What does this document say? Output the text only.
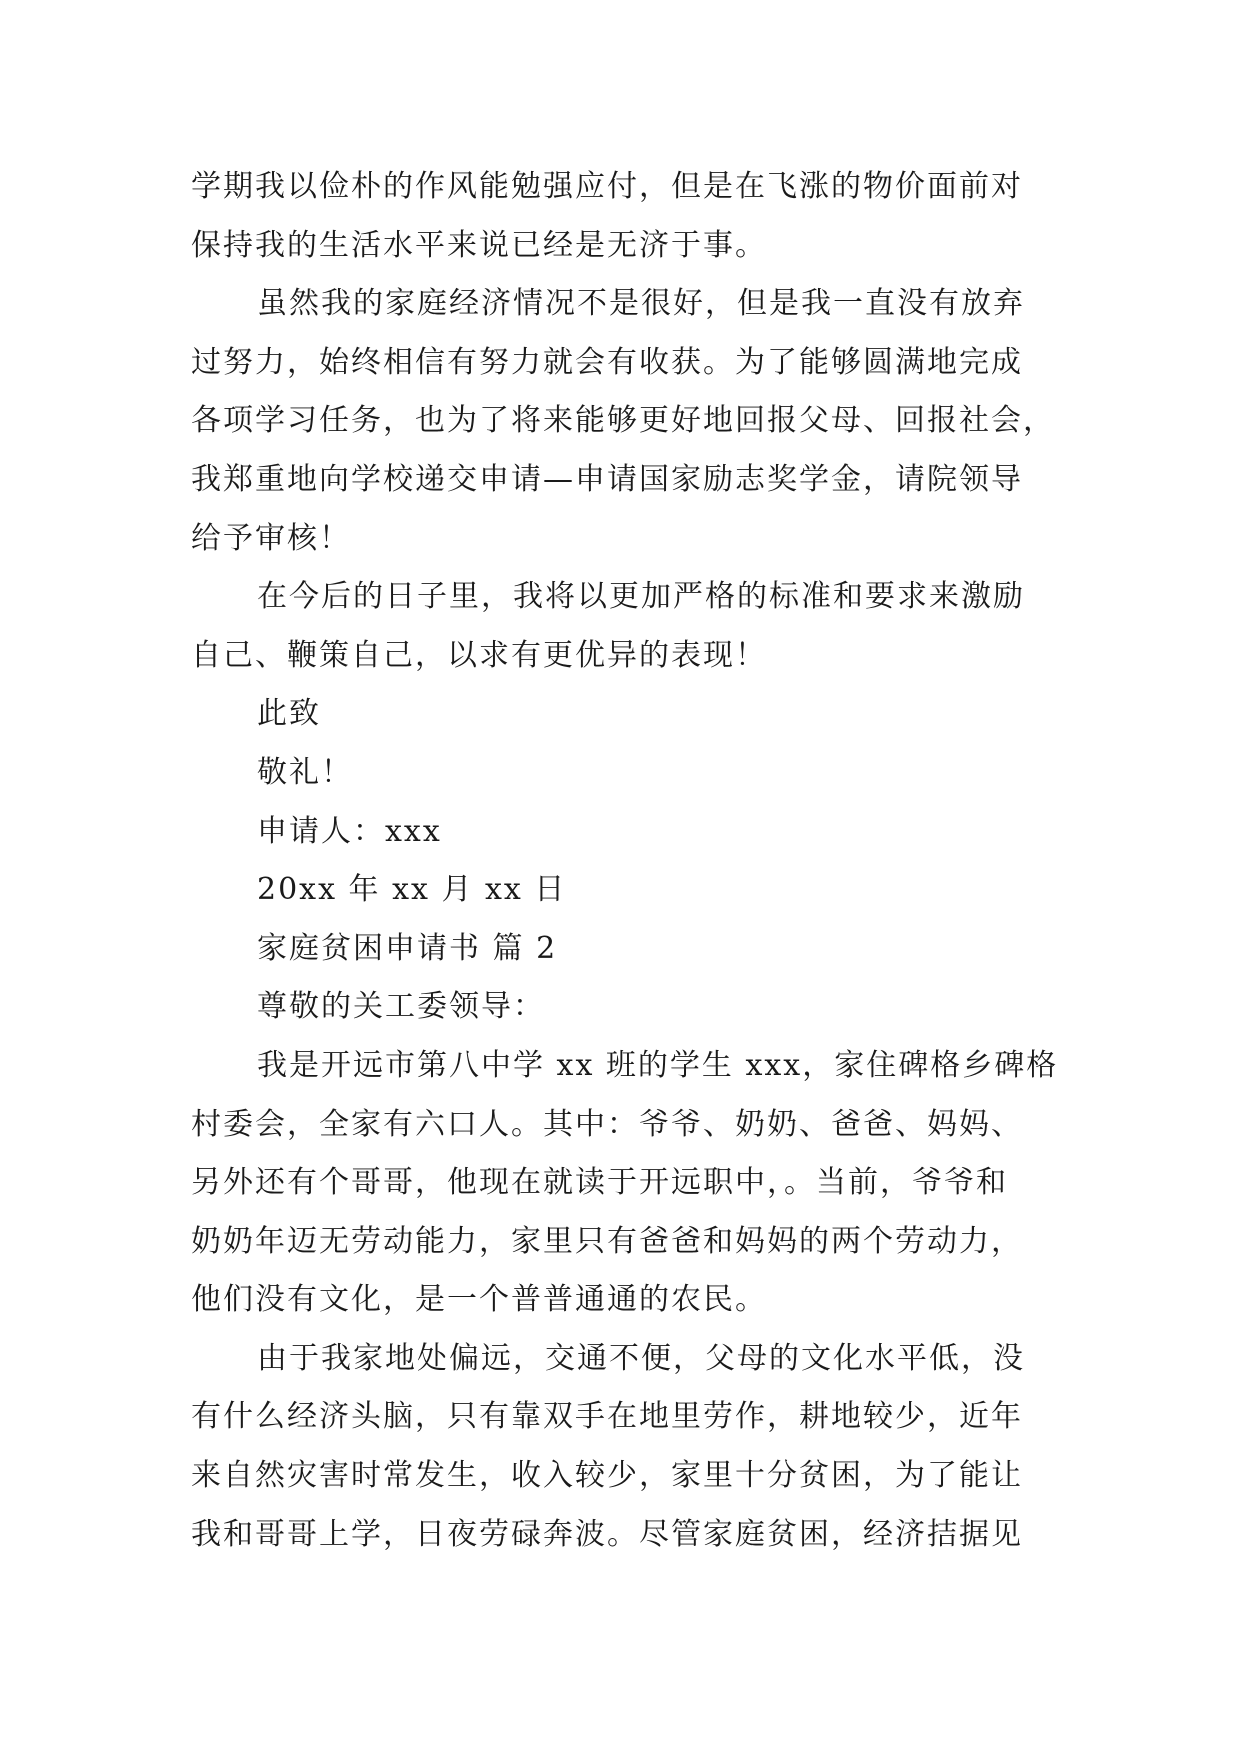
学期我以俭朴的作风能勉强应付，但是在飞涨的物价面前对
保持我的生活水平来说已经是无济于事。
虽然我的家庭经济情况不是很好，但是我一直没有放弃
过努力，始终相信有努力就会有收获。为了能够圆满地完成
各项学习任务，也为了将来能够更好地回报父母、回报社会，
我郑重地向学校递交申请—申请国家励志奖学金，请院领导
给予审核！
在今后的日子里，我将以更加严格的标准和要求来激励
自己、鞭策自己，以求有更优异的表现！
此致
敬礼！
申请人：xxx
20xx 年 xx 月 xx 日
家庭贫困申请书 篇 2
尊敬的关工委领导：
我是开远市第八中学 xx 班的学生 xxx，家住碑格乡碑格
村委会，全家有六口人。其中：爷爷、奶奶、爸爸、妈妈、
另外还有个哥哥，他现在就读于开远职中，。当前，爷爷和
奶奶年迈无劳动能力，家里只有爸爸和妈妈的两个劳动力，
他们没有文化，是一个普普通通的农民。
由于我家地处偏远，交通不便，父母的文化水平低，没
有什么经济头脑，只有靠双手在地里劳作，耕地较少，近年
来自然灾害时常发生，收入较少，家里十分贫困，为了能让
我和哥哥上学，日夜劳碌奔波。尽管家庭贫困，经济拮据见
